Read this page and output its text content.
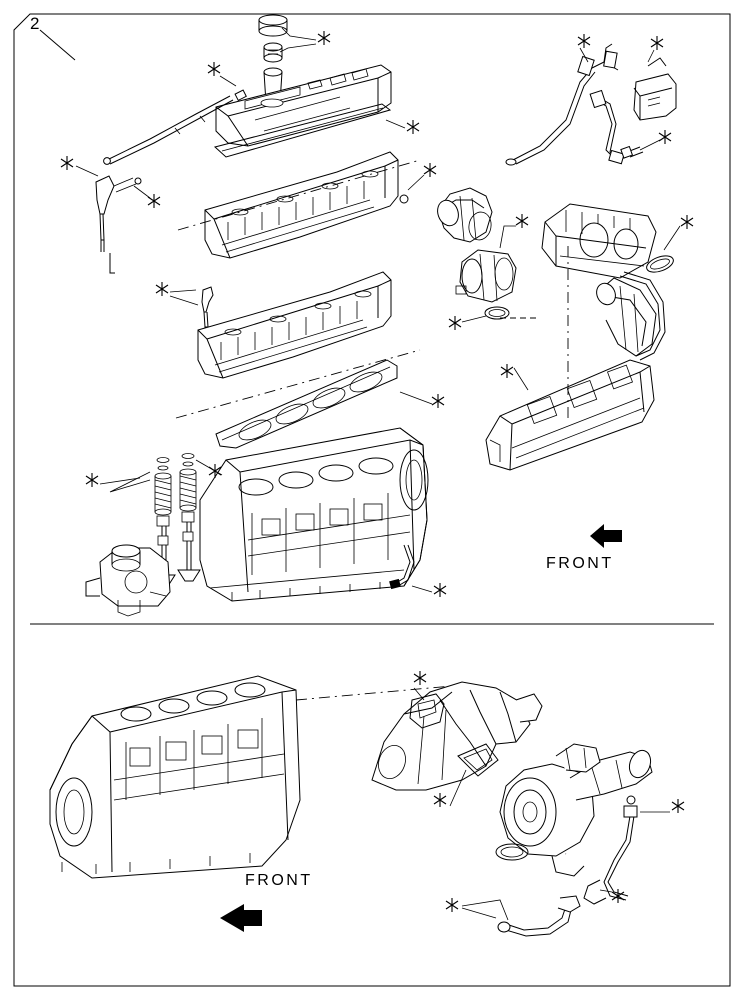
2
FRONT
FRONT
